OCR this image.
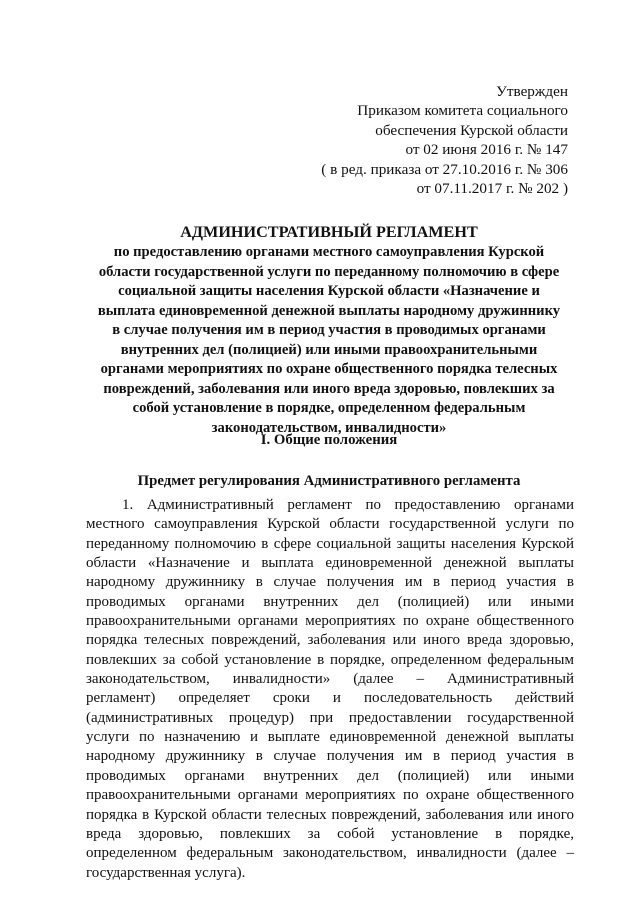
Утвержден
Приказом комитета социального
обеспечения Курской области
от 02 июня 2016 г. № 147
( в ред. приказа от 27.10.2016 г. № 306
от 07.11.2017 г. № 202 )
АДМИНИСТРАТИВНЫЙ РЕГЛАМЕНТ
по предоставлению органами местного самоуправления Курской
области государственной услуги по переданному полномочию в сфере
социальной защиты населения Курской области «Назначение и
выплата единовременной денежной выплаты народному дружиннику
в случае получения им в период участия в проводимых органами
внутренних дел (полицией) или иными правоохранительными
органами мероприятиях по охране общественного порядка телесных
повреждений, заболевания или иного вреда здоровью, повлекших за
собой установление в порядке, определенном федеральным
законодательством, инвалидности»
I. Общие положения
Предмет регулирования Административного регламента
1. Административный регламент по предоставлению органами
местного самоуправления Курской области государственной услуги по
переданному полномочию в сфере социальной защиты населения Курской
области «Назначение и выплата единовременной денежной выплаты
народному дружиннику в случае получения им в период участия в
проводимых органами внутренних дел (полицией) или иными
правоохранительными органами мероприятиях по охране общественного
порядка телесных повреждений, заболевания или иного вреда здоровью,
повлекших за собой установление в порядке, определенном федеральным
законодательством, инвалидности» (далее – Административный
регламент) определяет сроки и последовательность действий
(административных процедур) при предоставлении государственной
услуги по назначению и выплате единовременной денежной выплаты
народному дружиннику в случае получения им в период участия в
проводимых органами внутренних дел (полицией) или иными
правоохранительными органами мероприятиях по охране общественного
порядка в Курской области телесных повреждений, заболевания или иного
вреда здоровью, повлекших за собой установление в порядке,
определенном федеральным законодательством, инвалидности (далее –
государственная услуга).
